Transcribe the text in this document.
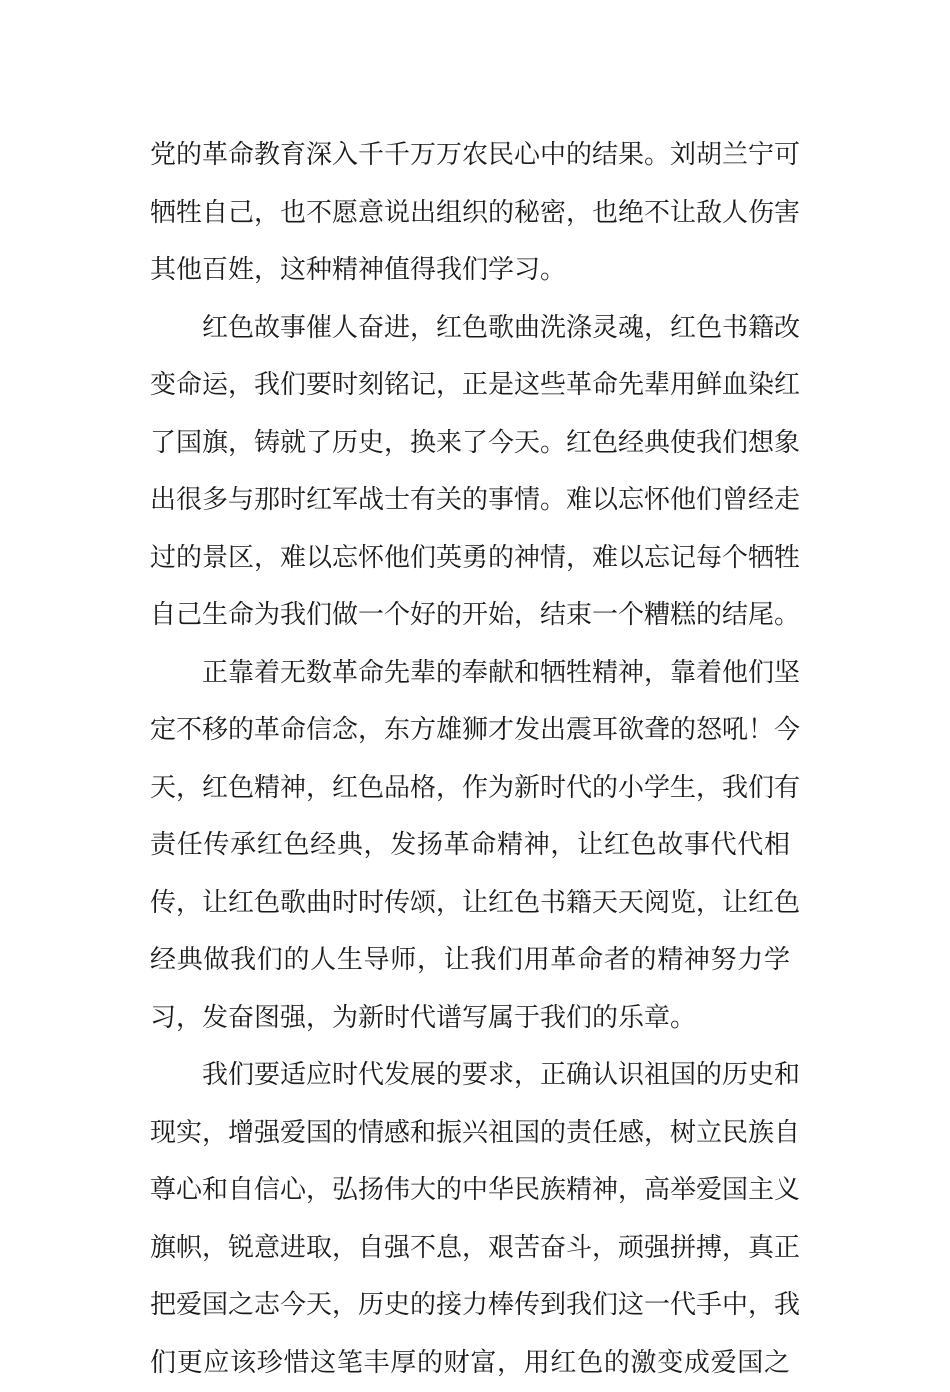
党的革命教育深入千千万万农民心中的结果。刘胡兰宁可
牺牲自己，也不愿意说出组织的秘密，也绝不让敌人伤害
其他百姓，这种精神值得我们学习。
红色故事催人奋进，红色歌曲洗涤灵魂，红色书籍改
变命运，我们要时刻铭记，正是这些革命先辈用鲜血染红
了国旗，铸就了历史，换来了今天。红色经典使我们想象
出很多与那时红军战士有关的事情。难以忘怀他们曾经走
过的景区，难以忘怀他们英勇的神情，难以忘记每个牺牲
自己生命为我们做一个好的开始，结束一个糟糕的结尾。
正靠着无数革命先辈的奉献和牺牲精神，靠着他们坚
定不移的革命信念，东方雄狮才发出震耳欲聋的怒吼！今
天，红色精神，红色品格，作为新时代的小学生，我们有
责任传承红色经典，发扬革命精神，让红色故事代代相
传，让红色歌曲时时传颂，让红色书籍天天阅览，让红色
经典做我们的人生导师，让我们用革命者的精神努力学
习，发奋图强，为新时代谱写属于我们的乐章。
我们要适应时代发展的要求，正确认识祖国的历史和
现实，增强爱国的情感和振兴祖国的责任感，树立民族自
尊心和自信心，弘扬伟大的中华民族精神，高举爱国主义
旗帜，锐意进取，自强不息，艰苦奋斗，顽强拼搏，真正
把爱国之志今天，历史的接力棒传到我们这一代手中，我
们更应该珍惜这笔丰厚的财富，用红色的激变成爱国之
